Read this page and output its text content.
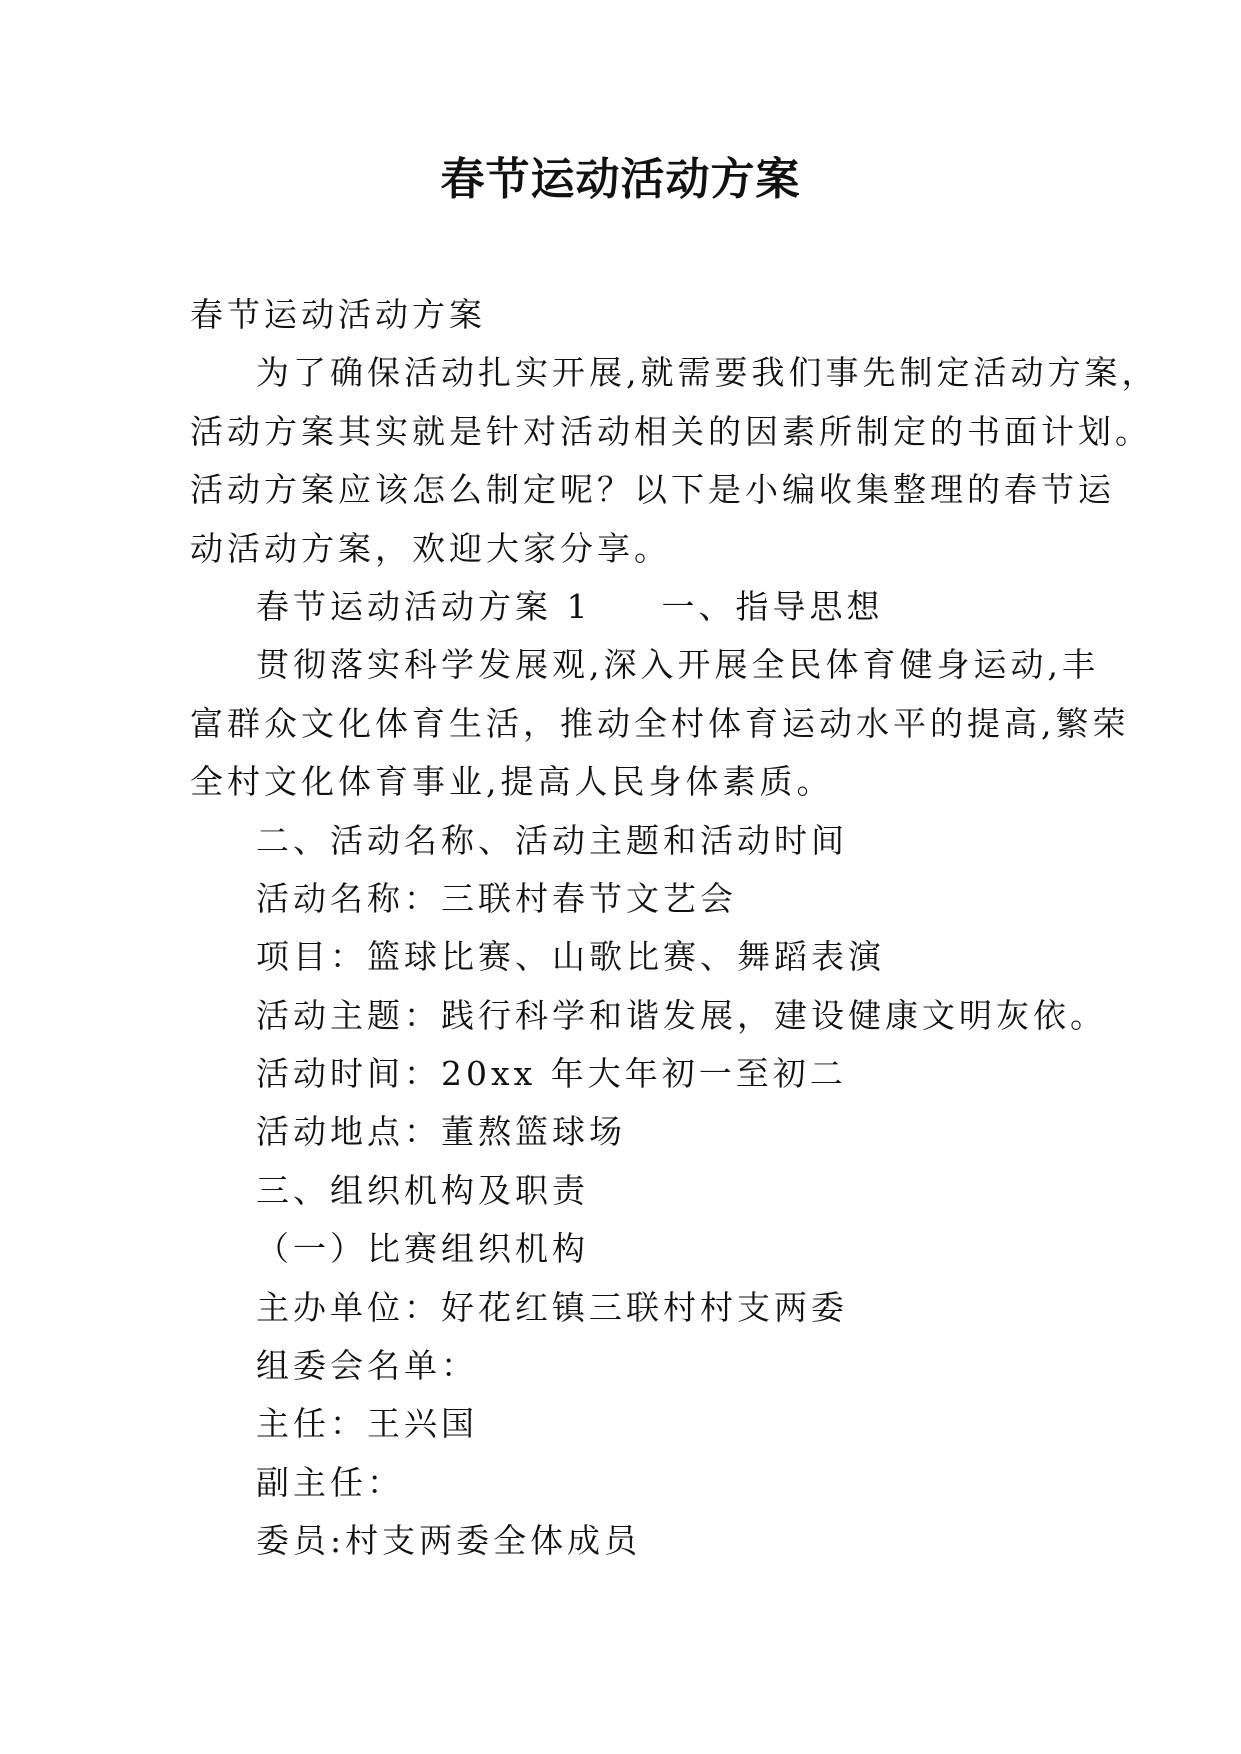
春节运动活动方案
春节运动活动方案
为了确保活动扎实开展,就需要我们事先制定活动方案，
活动方案其实就是针对活动相关的因素所制定的书面计划。
活动方案应该怎么制定呢？以下是小编收集整理的春节运
动活动方案，欢迎大家分享。
春节运动活动方案 1 一、指导思想
贯彻落实科学发展观,深入开展全民体育健身运动,丰
富群众文化体育生活，推动全村体育运动水平的提高,繁荣
全村文化体育事业,提高人民身体素质。
二、活动名称、活动主题和活动时间
活动名称：三联村春节文艺会
项目：篮球比赛、山歌比赛、舞蹈表演
活动主题：践行科学和谐发展，建设健康文明灰依。
活动时间：20xx 年大年初一至初二
活动地点：董熬篮球场
三、组织机构及职责
（一）比赛组织机构
主办单位：好花红镇三联村村支两委
组委会名单：
主任：王兴国
副主任：
委员:村支两委全体成员
